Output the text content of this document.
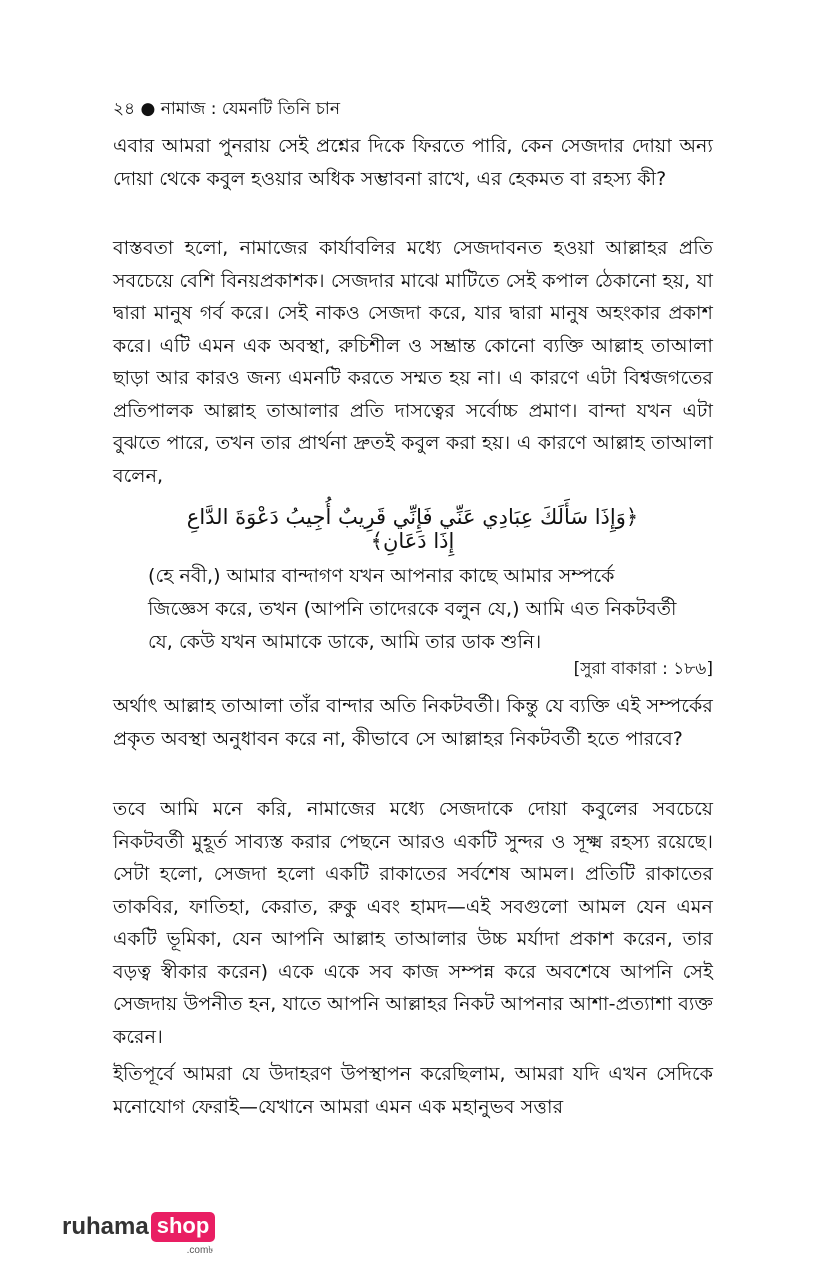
২৪ ● নামাজ : যেমনটি তিনি চান

এবার আমরা পুনরায় সেই প্রশ্নের দিকে ফিরতে পারি, কেন সেজদার দোয়া অন্য দোয়া থেকে কবুল হওয়ার অধিক সম্ভাবনা রাখে, এর হেকমত বা রহস্য কী?

বাস্তবতা হলো, নামাজের কার্যাবলির মধ্যে সেজদাবনত হওয়া আল্লাহর প্রতি সবচেয়ে বেশি বিনয়প্রকাশক। সেজদার মাঝে মাটিতে সেই কপাল ঠেকানো হয়, যা দ্বারা মানুষ গর্ব করে। সেই নাকও সেজদা করে, যার দ্বারা মানুষ অহংকার প্রকাশ করে। এটি এমন এক অবস্থা, রুচিশীল ও সম্ভ্রান্ত কোনো ব্যক্তি আল্লাহ তাআলা ছাড়া আর কারও জন্য এমনটি করতে সম্মত হয় না। এ কারণে এটা বিশ্বজগতের প্রতিপালক আল্লাহ তাআলার প্রতি দাসত্বের সর্বোচ্চ প্রমাণ। বান্দা যখন এটা বুঝতে পারে, তখন তার প্রার্থনা দ্রুতই কবুল করা হয়। এ কারণে আল্লাহ তাআলা বলেন,

﴿وَإِذَا سَأَلَكَ عِبَادِي عَنِّي فَإِنِّي قَرِيبٌ أُجِيبُ دَعْوَةَ الدَّاعِ إِذَا دَعَانِ﴾

(হে নবী,) আমার বান্দাগণ যখন আপনার কাছে আমার সম্পর্কে জিজ্ঞেস করে, তখন (আপনি তাদেরকে বলুন যে,) আমি এত নিকটবর্তী যে, কেউ যখন আমাকে ডাকে, আমি তার ডাক শুনি।

[সুরা বাকারা : ১৮৬]

অর্থাৎ আল্লাহ তাআলা তাঁর বান্দার অতি নিকটবর্তী। কিন্তু যে ব্যক্তি এই সম্পর্কের প্রকৃত অবস্থা অনুধাবন করে না, কীভাবে সে আল্লাহর নিকটবর্তী হতে পারবে?

তবে আমি মনে করি, নামাজের মধ্যে সেজদাকে দোয়া কবুলের সবচেয়ে নিকটবর্তী মুহূর্ত সাব্যস্ত করার পেছনে আরও একটি সুন্দর ও সূক্ষ্ম রহস্য রয়েছে। সেটা হলো, সেজদা হলো একটি রাকাতের সর্বশেষ আমল। প্রতিটি রাকাতের তাকবির, ফাতিহা, কেরাত, রুকু এবং হামদ—এই সবগুলো আমল যেন এমন একটি ভূমিকা, যেন আপনি আল্লাহ তাআলার উচ্চ মর্যাদা প্রকাশ করেন, তার বড়ত্ব স্বীকার করেন) একে একে সব কাজ সম্পন্ন করে অবশেষে আপনি সেই সেজদায় উপনীত হন, যাতে আপনি আল্লাহর নিকট আপনার আশা-প্রত্যাশা ব্যক্ত করেন।

ইতিপূর্বে আমরা যে উদাহরণ উপস্থাপন করেছিলাম, আমরা যদি এখন সেদিকে মনোযোগ ফেরাই—যেখানে আমরা এমন এক মহানুভব সত্তার

ruhama shop
.com৳
